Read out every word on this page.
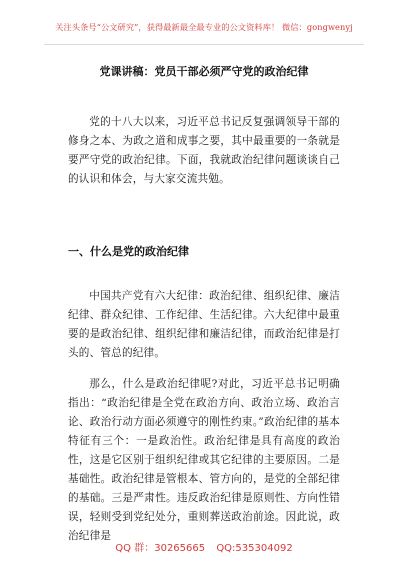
关注头条号“公文研究”，获得最新最全最专业的公文资料库！ 微信：gongwenyj
党课讲稿：党员干部必须严守党的政治纪律

党的十八大以来，习近平总书记反复强调领导干部的修身之本、为政之道和成事之要，其中最重要的一条就是要严守党的政治纪律。下面，我就政治纪律问题谈谈自己的认识和体会，与大家交流共勉。

一、什么是党的政治纪律

中国共产党有六大纪律：政治纪律、组织纪律、廉洁纪律、群众纪律、工作纪律、生活纪律。六大纪律中最重要的是政治纪律、组织纪律和廉洁纪律，而政治纪律是打头的、管总的纪律。

那么，什么是政治纪律呢?对此，习近平总书记明确指出：“政治纪律是全党在政治方向、政治立场、政治言论、政治行动方面必须遵守的刚性约束。”政治纪律的基本特征有三个：一是政治性。政治纪律是具有高度的政治性，这是它区别于组织纪律或其它纪律的主要原因。二是基础性。政治纪律是管根本、管方向的，是党的全部纪律的基础。三是严肃性。违反政治纪律是原则性、方向性错误，轻则受到党纪处分，重则葬送政治前途。因此说，政治纪律是

QQ 群：30265665 QQ:535304092
